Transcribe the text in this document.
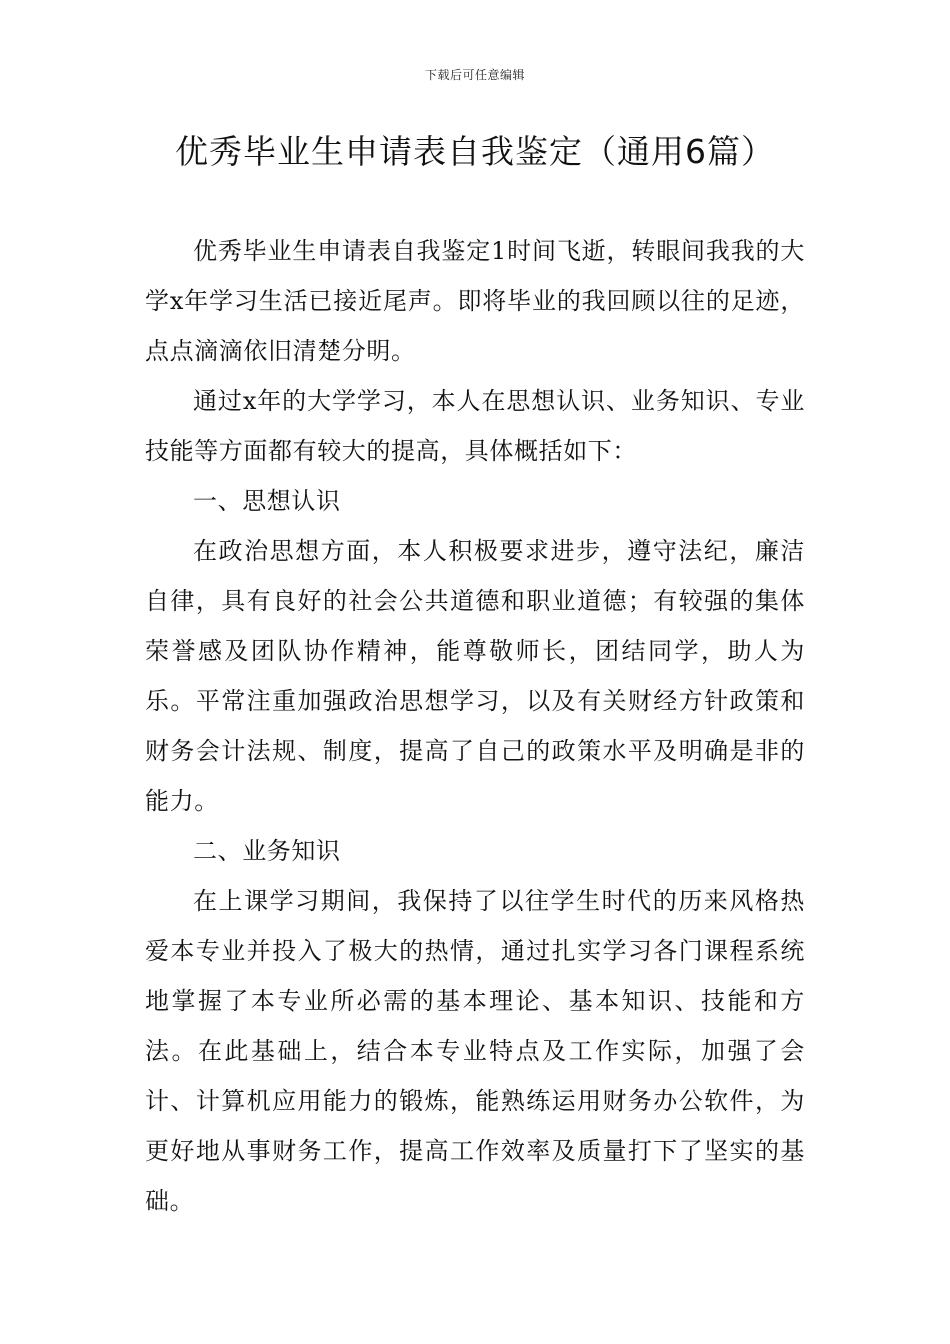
下载后可任意编辑
优秀毕业生申请表自我鉴定（通用6篇）

优秀毕业生申请表自我鉴定1时间飞逝，转眼间我我的大学x年学习生活已接近尾声。即将毕业的我回顾以往的足迹，点点滴滴依旧清楚分明。

通过x年的大学学习，本人在思想认识、业务知识、专业技能等方面都有较大的提高，具体概括如下：

一、思想认识

在政治思想方面，本人积极要求进步，遵守法纪，廉洁自律，具有良好的社会公共道德和职业道德；有较强的集体荣誉感及团队协作精神，能尊敬师长，团结同学，助人为乐。平常注重加强政治思想学习，以及有关财经方针政策和财务会计法规、制度，提高了自己的政策水平及明确是非的能力。

二、业务知识

在上课学习期间，我保持了以往学生时代的历来风格热爱本专业并投入了极大的热情，通过扎实学习各门课程系统地掌握了本专业所必需的基本理论、基本知识、技能和方法。在此基础上，结合本专业特点及工作实际，加强了会计、计算机应用能力的锻炼，能熟练运用财务办公软件，为更好地从事财务工作，提高工作效率及质量打下了坚实的基础。
